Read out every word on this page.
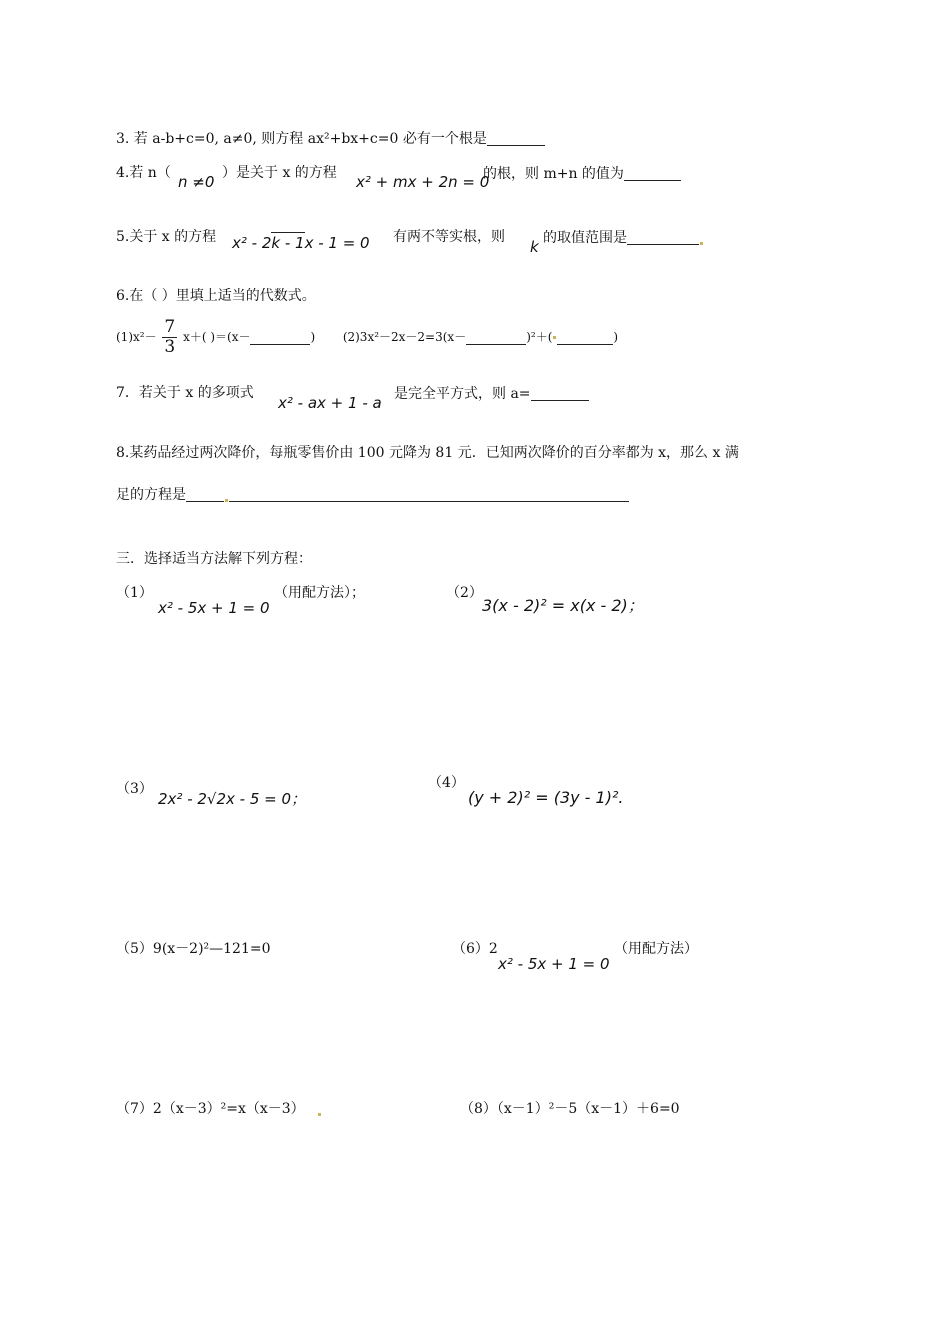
3. 若 a-b+c=0, a≠0, 则方程 ax²+bx+c=0 必有一个根是
4.若 n（ n ≠0 ）是关于 x 的方程 x² + mx + 2n = 0
的根，则 m+n 的值为
5.关于 x 的方程 x² - 2k - 1x - 1 = 0 有两不等实根，则
k 的取值范围是
6.在（ ）里填上适当的代数式。
$(1)x^2- \frac{7}{3} x+$( )＝(x－	) (2)3x²－2x－2=3(x－	)²＋(	)
7．若关于 x 的多项式
x² - ax + 1 - a 是完全平方式，则 a=
8.某药品经过两次降价，每瓶零售价由 100 元降为 81 元．已知两次降价的百分率都为 x，那么 x 满
足的方程是
三．选择适当方法解下列方程：
（1）
x² - 5x + 1 = 0
（用配方法）；	（2）
3(x - 2)² = x(x - 2)；
（3）
2x² - 2√2x - 5 = 0；
（4）
(y + 2)² = (3y - 1)².
（5）9(x－2)²—121=0	（6）2
x² - 5x + 1 = 0
（用配方法）
（7）2（x－3）²=x（x－3）	（8）（x－1）²－5（x－1）＋6=0
